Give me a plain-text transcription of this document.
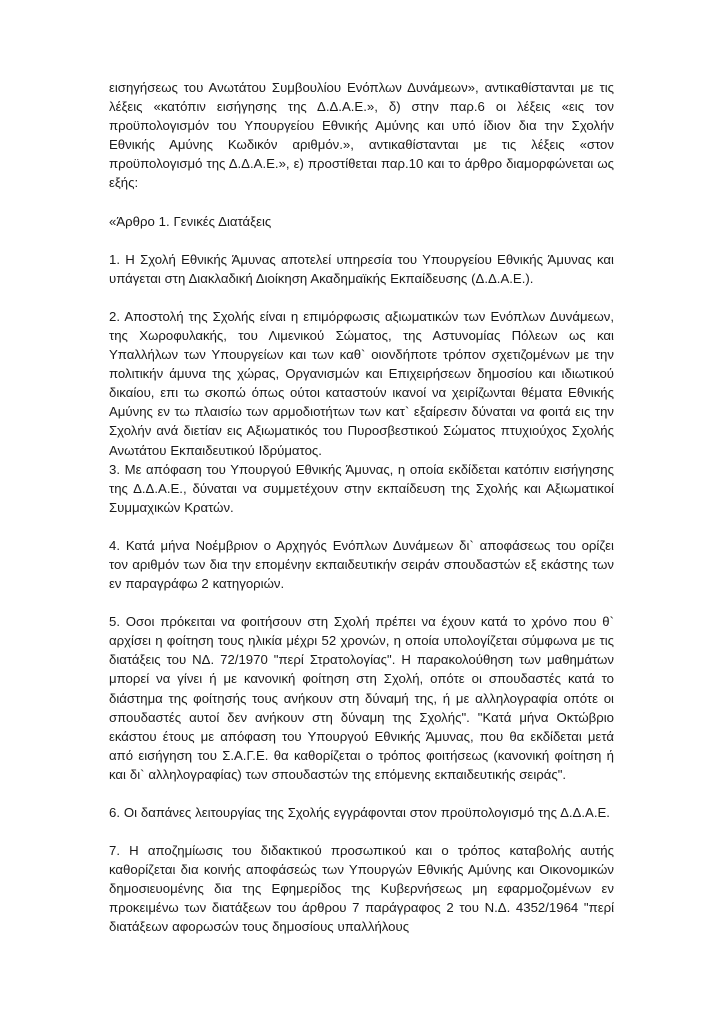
εισηγήσεως του Ανωτάτου Συμβουλίου Ενόπλων Δυνάμεων», αντικαθίστανται με τις λέξεις «κατόπιν εισήγησης της Δ.Δ.Α.Ε.», δ) στην παρ.6 οι λέξεις «εις τον προϋπολογισμόν του Υπουργείου Εθνικής Αμύνης και υπό ίδιον δια την Σχολήν Εθνικής Αμύνης Κωδικόν αριθμόν.», αντικαθίστανται με τις λέξεις «στον προϋπολογισμό της Δ.Δ.Α.Ε.», ε) προστίθεται παρ.10 και το άρθρο διαμορφώνεται ως εξής:

«Άρθρο 1. Γενικές Διατάξεις

1. Η Σχολή Εθνικής Άμυνας αποτελεί υπηρεσία του Υπουργείου Εθνικής Άμυνας και υπάγεται στη Διακλαδική Διοίκηση Ακαδημαϊκής Εκπαίδευσης (Δ.Δ.Α.Ε.).

2. Αποστολή της Σχολής είναι η επιμόρφωσις αξιωματικών των Ενόπλων Δυνάμεων, της Χωροφυλακής, του Λιμενικού Σώματος, της Αστυνομίας Πόλεων ως και Υπαλλήλων των Υπουργείων και των καθ` οιονδήποτε τρόπον σχετιζομένων με την πολιτικήν άμυνα της χώρας, Οργανισμών και Επιχειρήσεων δημοσίου και ιδιωτικού δικαίου, επι τω σκοπώ όπως ούτοι καταστούν ικανοί να χειρίζωνται θέματα Εθνικής Αμύνης εν τω πλαισίω των αρμοδιοτήτων των κατ` εξαίρεσιν δύναται να φοιτά εις την Σχολήν ανά διετίαν εις Αξιωματικός του Πυροσβεστικού Σώματος πτυχιούχος Σχολής Ανωτάτου Εκπαιδευτικού Ιδρύματος.

3. Με απόφαση του Υπουργού Εθνικής Άμυνας, η οποία εκδίδεται κατόπιν εισήγησης της Δ.Δ.Α.Ε., δύναται να συμμετέχουν στην εκπαίδευση της Σχολής και Αξιωματικοί Συμμαχικών Κρατών.

4. Κατά μήνα Νοέμβριον ο Αρχηγός Ενόπλων Δυνάμεων δι` αποφάσεως του ορίζει τον αριθμόν των δια την επομένην εκπαιδευτικήν σειράν σπουδαστών εξ εκάστης των εν παραγράφω 2 κατηγοριών.

5. Οσοι πρόκειται να φοιτήσουν στη Σχολή πρέπει να έχουν κατά το χρόνο που θ` αρχίσει η φοίτηση τους ηλικία μέχρι 52 χρονών, η οποία υπολογίζεται σύμφωνα με τις διατάξεις του ΝΔ. 72/1970 "περί Στρατολογίας". Η παρακολούθηση των μαθημάτων μπορεί να γίνει ή με κανονική φοίτηση στη Σχολή, οπότε οι σπουδαστές κατά το διάστημα της φοίτησής τους ανήκουν στη δύναμή της, ή με αλληλογραφία οπότε οι σπουδαστές αυτοί δεν ανήκουν στη δύναμη της Σχολής". "Κατά μήνα Οκτώβριο εκάστου έτους με απόφαση του Υπουργού Εθνικής Άμυνας, που θα εκδίδεται μετά από εισήγηση του Σ.Α.Γ.Ε. θα καθορίζεται ο τρόπος φοιτήσεως (κανονική φοίτηση ή και δι` αλληλογραφίας) των σπουδαστών της επόμενης εκπαιδευτικής σειράς".

6. Οι δαπάνες λειτουργίας της Σχολής εγγράφονται στον προϋπολογισμό της Δ.Δ.Α.Ε.

7. Η αποζημίωσις του διδακτικού προσωπικού και ο τρόπος καταβολής αυτής καθορίζεται δια κοινής αποφάσεώς των Υπουργών Εθνικής Αμύνης και Οικονομικών δημοσιευομένης δια της Εφημερίδος της Κυβερνήσεως μη εφαρμοζομένων εν προκειμένω των διατάξεων του άρθρου 7 παράγραφος 2 του Ν.Δ. 4352/1964 "περί διατάξεων αφορωσών τους δημοσίους υπαλλήλους
